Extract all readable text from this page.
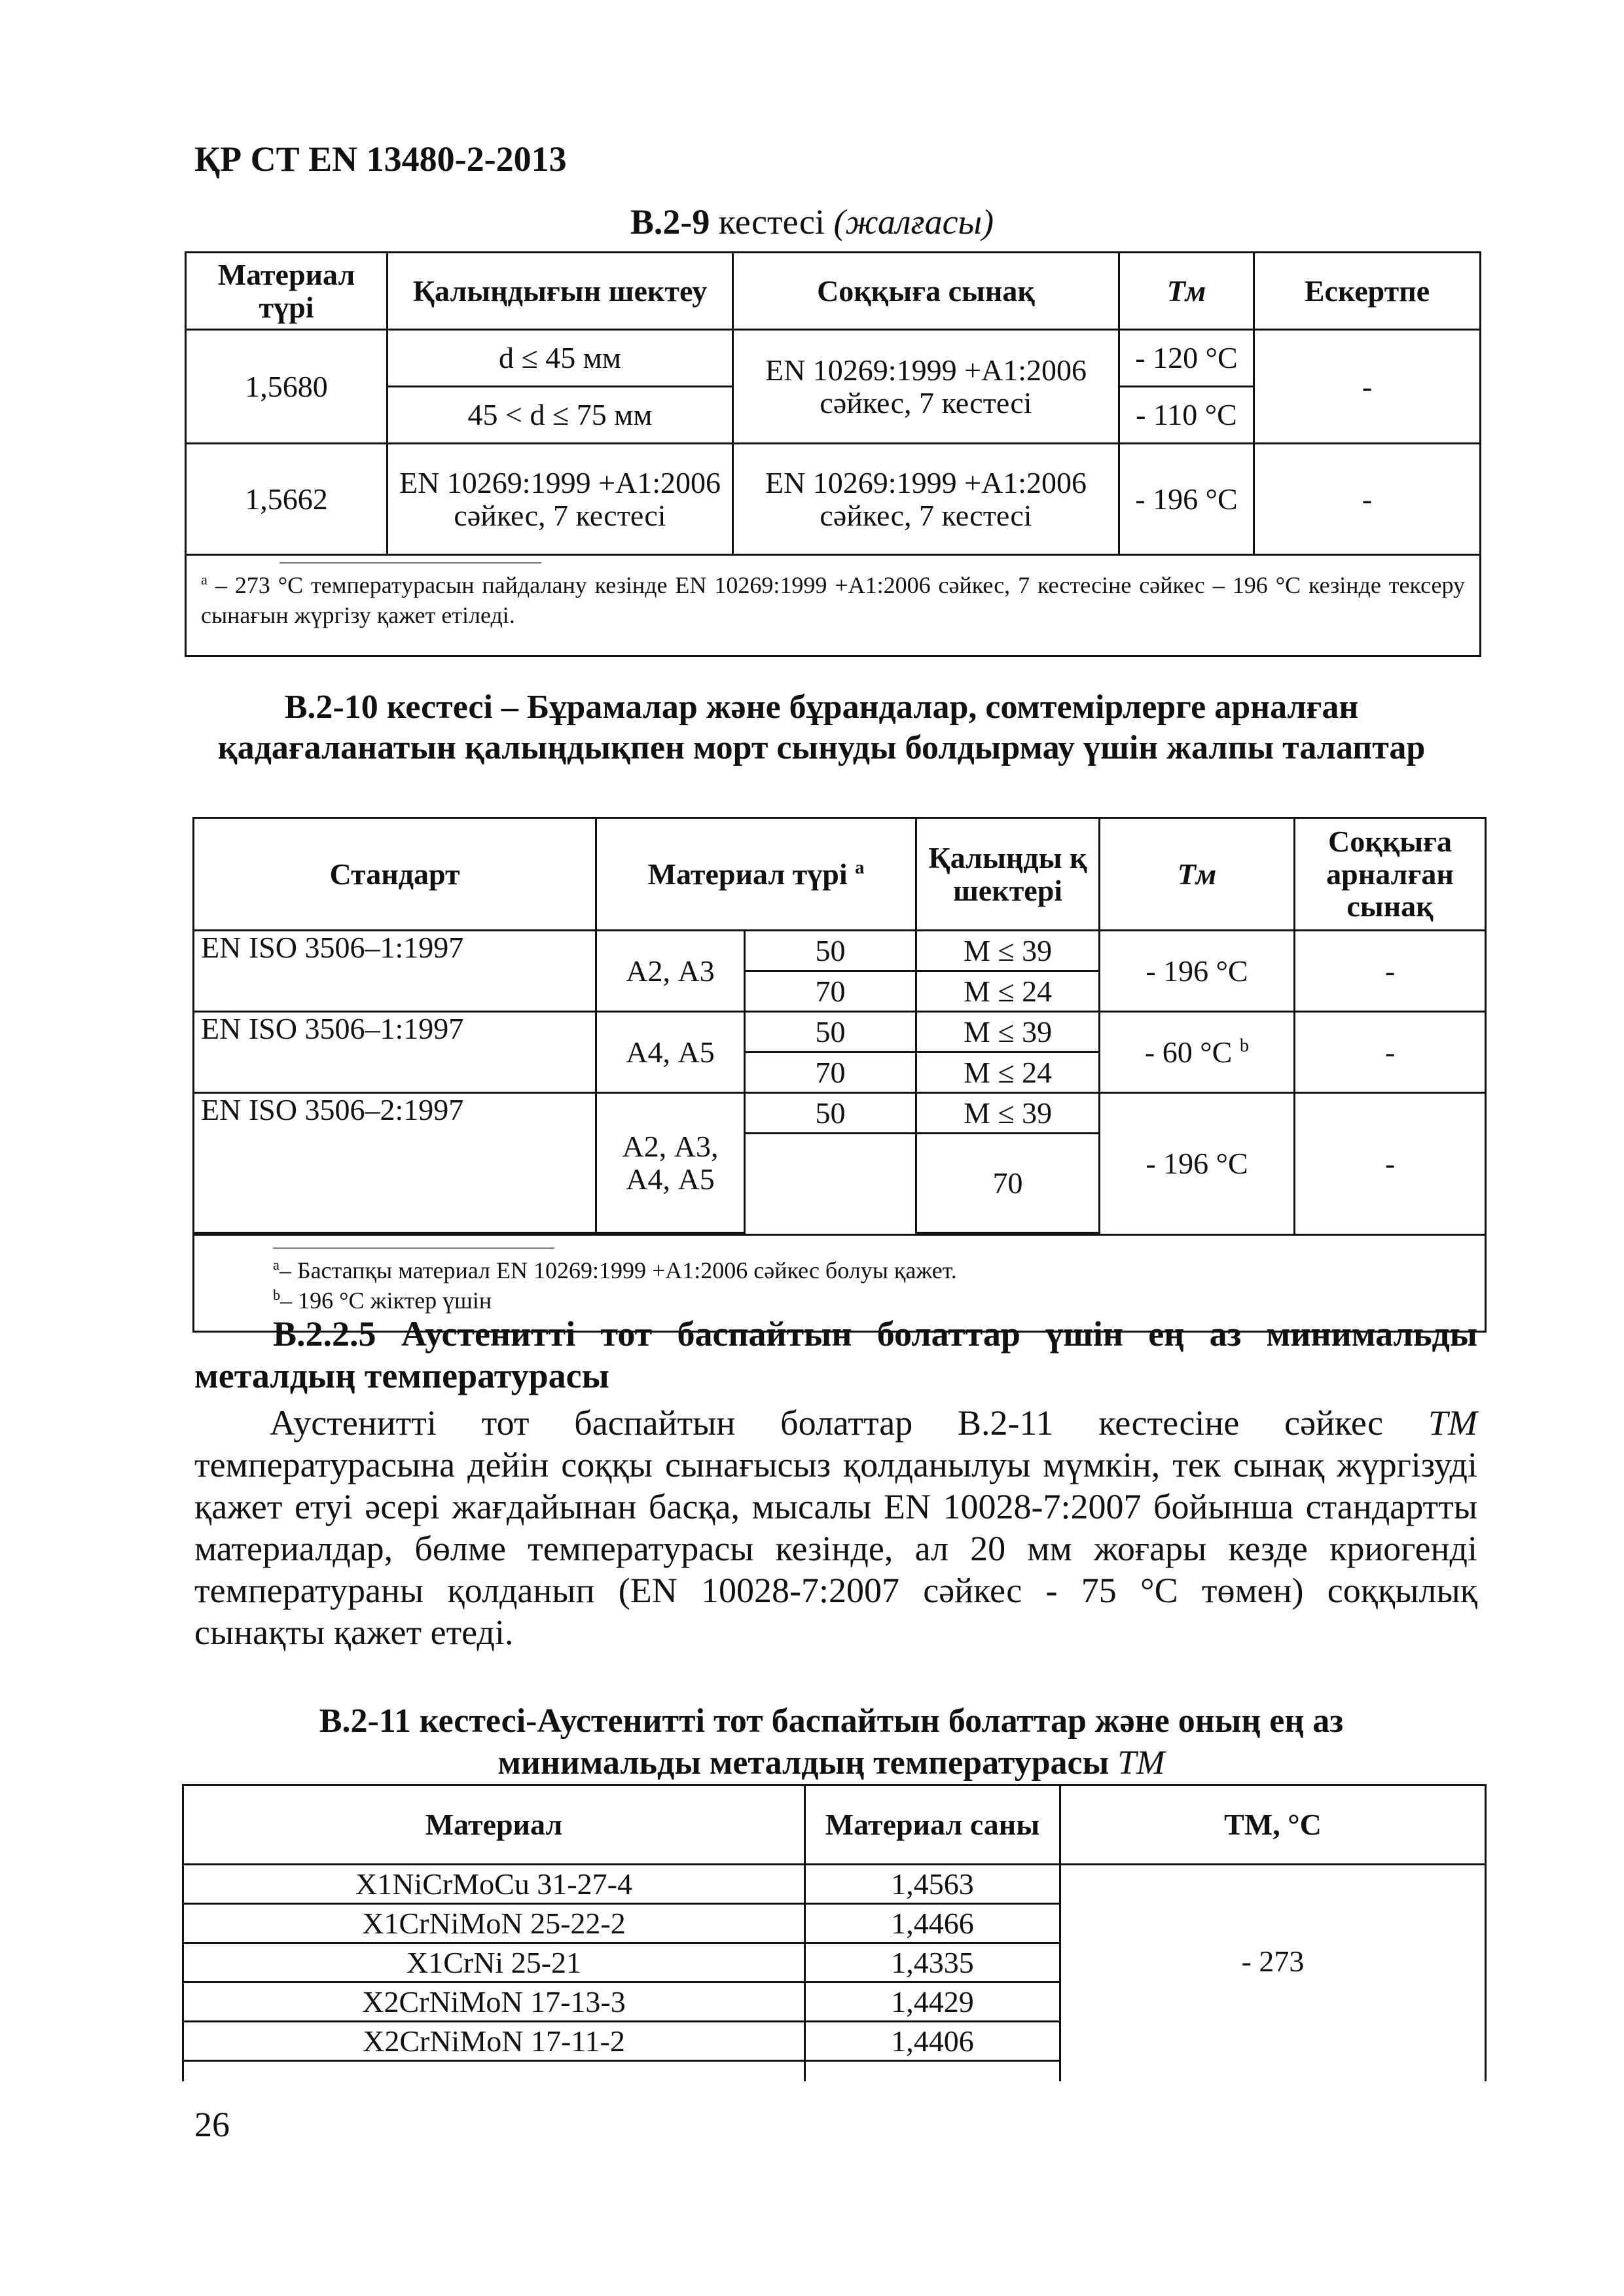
ҚР СТ EN 13480-2-2013
В.2-9 кестесі (жалғасы)
Материал түрі	Қалыңдығын шектеу	Соққыға сынақ	Tм	Ескертпе
1,5680	d ≤ 45 мм	EN 10269:1999 +А1:2006 сәйкес, 7 кестесі	- 120 °С	-
	45 < d ≤ 75 мм		- 110 °С	
1,5662	EN 10269:1999 +А1:2006 сәйкес, 7 кестесі	EN 10269:1999 +А1:2006 сәйкес, 7 кестесі	- 196 °С	-

$^a$ – 273 °С температурасын пайдалану кезінде EN 10269:1999 +А1:2006 сәйкес, 7 кестесіне сәйкес – 196 °С кезінде тексеру сынағын жүргізу қажет етіледі.				
В.2-10 кестесі – Бұрамалар және бұрандалар, сомтемірлерге арналған қадағаланатын қалыңдықпен морт сынуды болдырмау үшін жалпы талаптар
Стандарт	Материал түрі $^а$		Қалыңды қ шектері	Tм	Соққыға арналған сынақ	
EN ISO 3506–1:1997	А2, А3	50	M ≤ 39	- 196 °С	-	
		70	M ≤ 24			
EN ISO 3506–1:1997	А4, А5	50	M ≤ 39	- 60 °С $^b$	-	
		70	M ≤ 24			
EN ISO 3506–2:1997	А2, А3, А4, А5	50	M ≤ 39	- 196 °С	-	
			70	

$^a$– Бастапқы материал EN 10269:1999 +А1:2006 сәйкес болуы қажет.
$^b$– 196 °С жіктер үшін						
В.2.2.5 Аустенитті тот баспайтын болаттар үшін ең аз минимальды металдың температурасы
Аустенитті тот баспайтын болаттар В.2-11 кестесіне сәйкес TM температурасына дейін соққы сынағысыз қолданылуы мүмкін, тек сынақ жүргізуді қажет етуі әсері жағдайынан басқа, мысалы EN 10028-7:2007 бойынша стандартты материалдар, бөлме температурасы кезінде, ал 20 мм жоғары кезде криогенді температураны қолданып (EN 10028-7:2007 сәйкес - 75 °С төмен) соққылық сынақты қажет етеді.
В.2-11 кестесі-Аустенитті тот баспайтын болаттар және оның ең аз минимальды металдың температурасы TM
Материал	Материал саны	TM, °С
X1NiCrMoCu 31-27-4	1,4563	- 273
X1CrNiMoN 25-22-2	1,4466	
X1CrNi 25-21	1,4335	
X2CrNiMoN 17-13-3	1,4429	
X2CrNiMoN 17-11-2	1,4406	

26
